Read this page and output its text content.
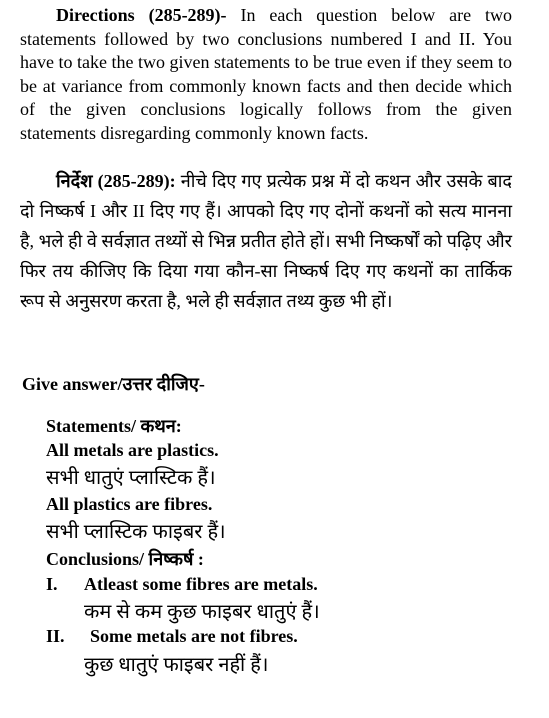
Directions (285-289)- In each question below are two statements followed by two conclusions numbered I and II. You have to take the two given statements to be true even if they seem to be at variance from commonly known facts and then decide which of the given conclusions logically follows from the given statements disregarding commonly known facts.
निर्देश (285-289): नीचे दिए गए प्रत्येक प्रश्न में दो कथन और उसके बाद दो निष्कर्ष I और II दिए गए हैं। आपको दिए गए दोनों कथनों को सत्य मानना है, भले ही वे सर्वज्ञात तथ्यों से भिन्न प्रतीत होते हों। सभी निष्कर्षों को पढ़िए और फिर तय कीजिए कि दिया गया कौन-सा निष्कर्ष दिए गए कथनों का तार्किक रूप से अनुसरण करता है, भले ही सर्वज्ञात तथ्य कुछ भी हों।
Give answer/उत्तर दीजिए-
Statements/ कथन:
All metals are plastics.
सभी धातुएं प्लास्टिक हैं।
All plastics are fibres.
सभी प्लास्टिक फाइबर हैं।
Conclusions/ निष्कर्ष :
I. Atleast some fibres are metals.
कम से कम कुछ फाइबर धातुएं हैं।
II. Some metals are not fibres.
कुछ धातुएं फाइबर नहीं हैं।
